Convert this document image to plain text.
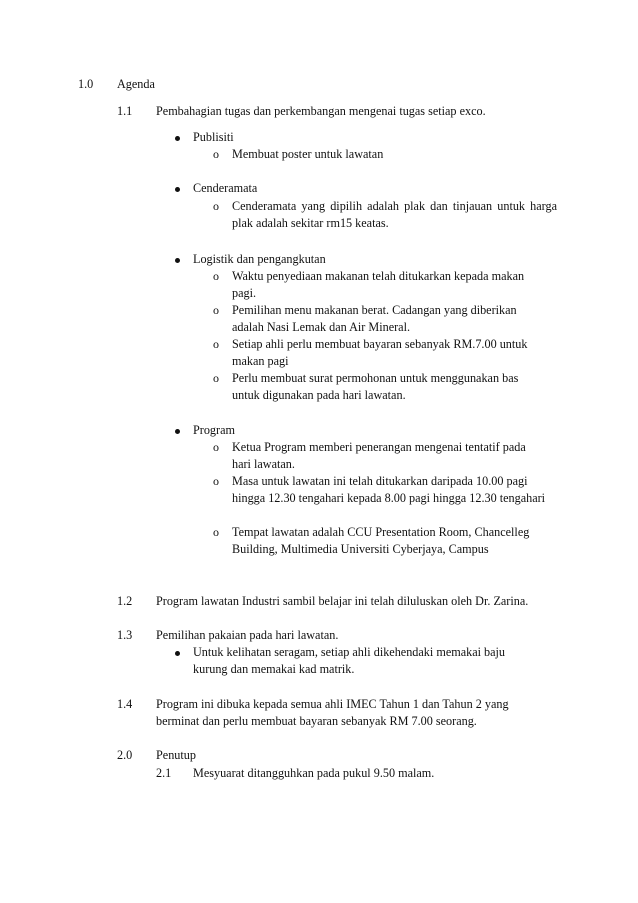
1.0 Agenda
1.1 Pembahagian tugas dan perkembangan mengenai tugas setiap exco.
Publisiti
o Membuat poster untuk lawatan
Cenderamata
o Cenderamata yang dipilih adalah plak dan tinjauan untuk harga plak adalah sekitar rm15 keatas.
Logistik dan pengangkutan
o Waktu penyediaan makanan telah ditukarkan kepada makan pagi.
o Pemilihan menu makanan berat. Cadangan yang diberikan adalah Nasi Lemak dan Air Mineral.
o Setiap ahli perlu membuat bayaran sebanyak RM.7.00 untuk makan pagi
o Perlu membuat surat permohonan untuk menggunakan bas untuk digunakan pada hari lawatan.
Program
o Ketua Program memberi penerangan mengenai tentatif pada hari lawatan.
o Masa untuk lawatan ini telah ditukarkan daripada 10.00 pagi hingga 12.30 tengahari kepada 8.00 pagi hingga 12.30 tengahari
o Tempat lawatan adalah CCU Presentation Room, Chancelleg Building, Multimedia Universiti Cyberjaya, Campus
1.2 Program lawatan Industri sambil belajar ini telah diluluskan oleh Dr. Zarina.
1.3 Pemilihan pakaian pada hari lawatan.
Untuk kelihatan seragam, setiap ahli dikehendaki memakai baju kurung dan memakai kad matrik.
1.4 Program ini dibuka kepada semua ahli IMEC Tahun 1 dan Tahun 2 yang berminat dan perlu membuat bayaran sebanyak RM 7.00 seorang.
2.0 Penutup
2.1 Mesyuarat ditangguhkan pada pukul 9.50 malam.
